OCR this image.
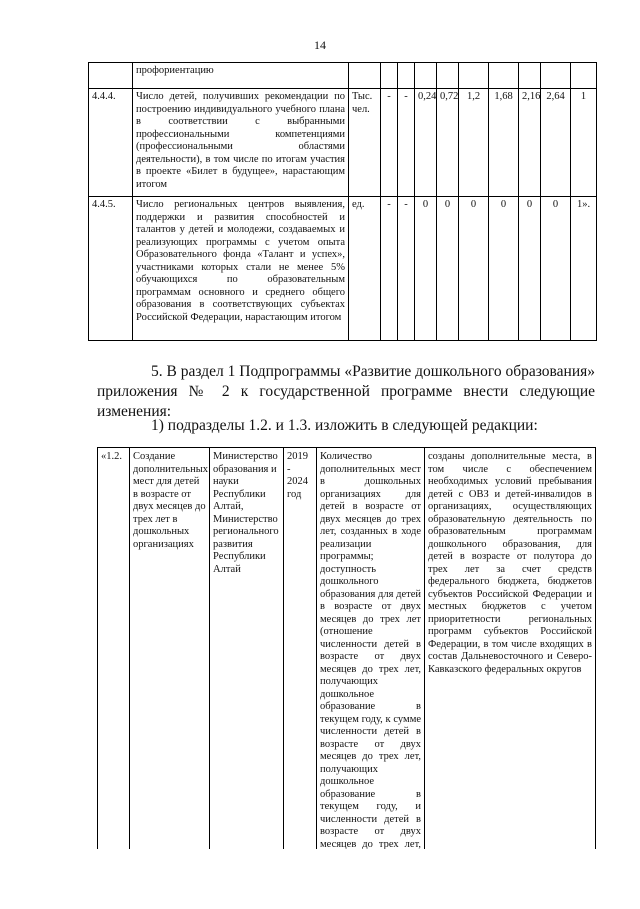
14
	профориентацию										
4.4.4.	Число детей, получивших рекомендации по построению индивидуального учебного плана в соответствии с выбранными профессиональными компетенциями (профессиональными областями деятельности), в том числе по итогам участия в проекте «Билет в будущее», нарастающим итогом	Тыс. чел.	-	-	0,24	0,72	1,2	1,68	2,16	2,64	1
4.4.5.	Число региональных центров выявления, поддержки и развития способностей и талантов у детей и молодежи, создаваемых и реализующих программы с учетом опыта Образовательного фонда «Талант и успех», участниками которых стали не менее 5% обучающихся по образовательным программам основного и среднего общего образования в соответствующих субъектах Российской Федерации, нарастающим итогом	ед.	-	-	0	0	0	0	0	0	1».
5. В раздел 1 Подпрограммы «Развитие дошкольного образования» приложения № 2 к государственной программе внести следующие изменения:
1) подразделы 1.2. и 1.3. изложить в следующей редакции:
«1.2.	Создание дополнительных мест для детей в возрасте от двух месяцев до трех лет в дошкольных организациях	Министерство образования и науки Республики Алтай, Министерство регионального развития Республики Алтай	2019 - 2024 год	Количество дополнительных мест в дошкольных организациях для детей в возрасте от двух месяцев до трех лет, созданных в ходе реализации программы; доступность дошкольного образования для детей в возрасте от двух месяцев до трех лет (отношение численности детей в возрасте от двух месяцев до трех лет, получающих дошкольное образование в текущем году, к сумме численности детей в возрасте от двух месяцев до трех лет, получающих дошкольное образование в текущем году, и численности детей в возрасте от двух месяцев до трех лет,	созданы дополнительные места, в том числе с обеспечением необходимых условий пребывания детей с ОВЗ и детей-инвалидов в организациях, осуществляющих образовательную деятельность по образовательным программам дошкольного образования, для детей в возрасте от полутора до трех лет за счет средств федерального бюджета, бюджетов субъектов Российской Федерации и местных бюджетов с учетом приоритетности региональных программ субъектов Российской Федерации, в том числе входящих в состав Дальневосточного и Северо-Кавказского федеральных округов
